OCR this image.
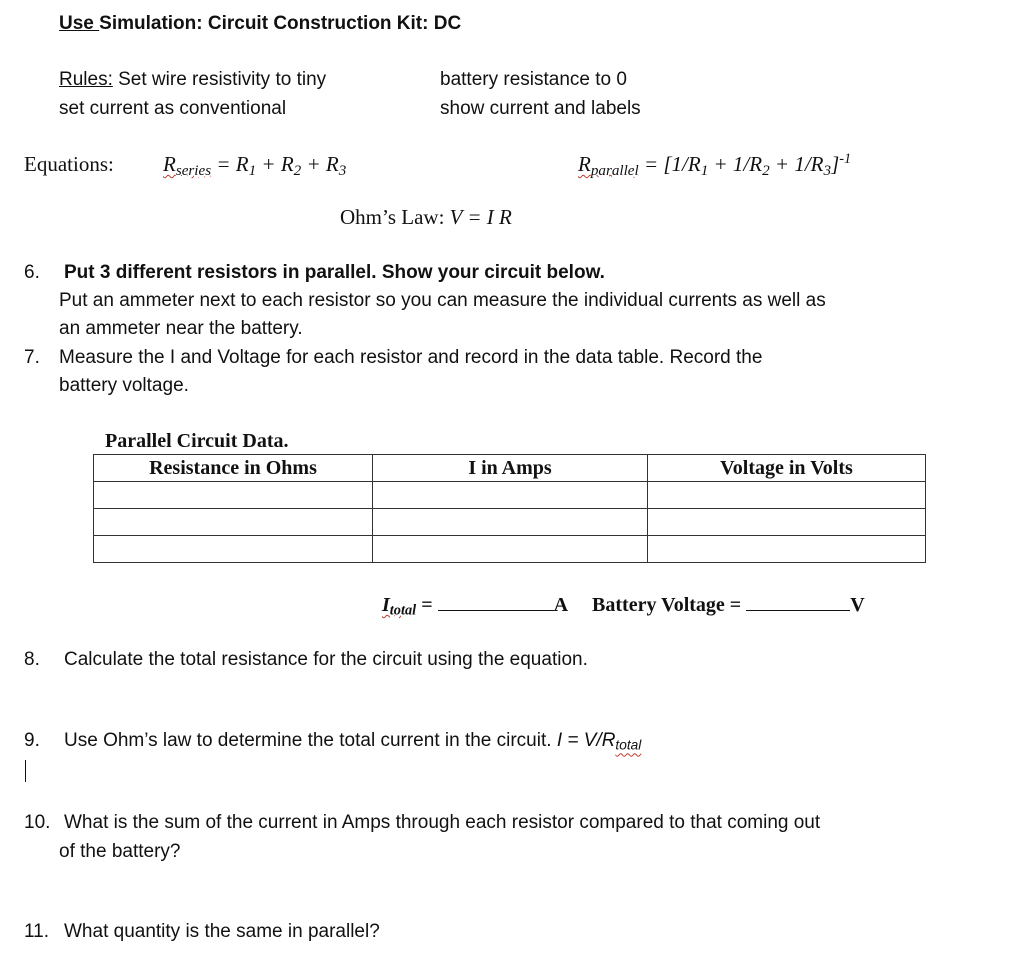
Use Simulation: Circuit Construction Kit: DC
Rules: Set wire resistivity to tiny
set current as conventional
battery resistance to 0
show current and labels
Equations: $R_{series} = R_1 + R_2 + R_3$	$R_{parallel} = [1/R_1 + 1/R_2 + 1/R_3]^{-1}$
Ohm’s Law: V = I R
6. Put 3 different resistors in parallel. Show your circuit below.
Put an ammeter next to each resistor so you can measure the individual currents as well as
an ammeter near the battery.
7. Measure the I and Voltage for each resistor and record in the data table. Record the
battery voltage.
Parallel Circuit Data.
Resistance in Ohms	I in Amps	Voltage in Volts

$I_{total}$ =	A Battery Voltage =	V
8. Calculate the total resistance for the circuit using the equation.
9. Use Ohm’s law to determine the total current in the circuit. $I = V/R_{total}$
10. What is the sum of the current in Amps through each resistor compared to that coming out
of the battery?
11. What quantity is the same in parallel?
